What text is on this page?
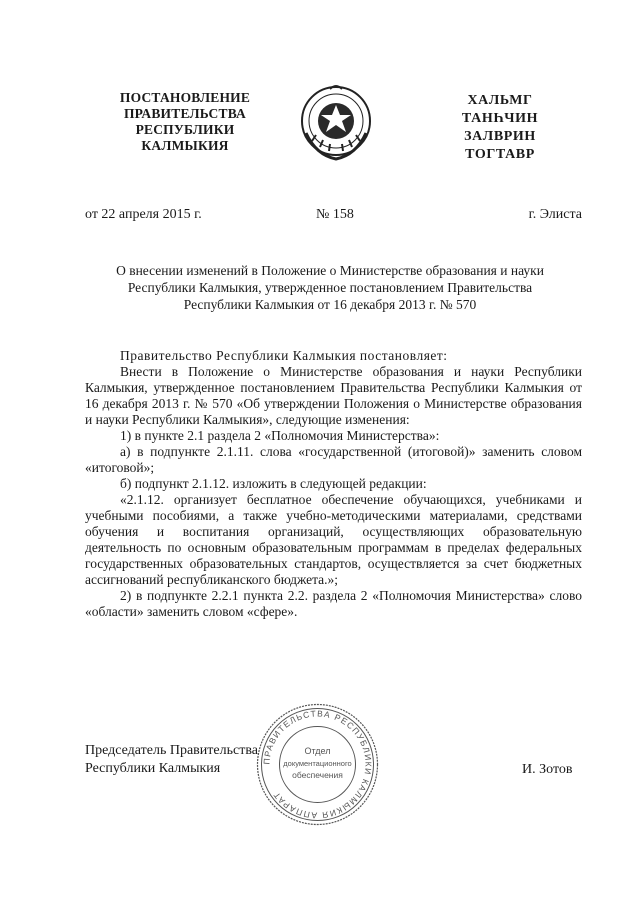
ПОСТАНОВЛЕНИЕ
ПРАВИТЕЛЬСТВА
РЕСПУБЛИКИ
КАЛМЫКИЯ
ХАЛЬМГ
ТАНҺЧИН
ЗАЛВРИН
ТОГТАВР
от 22 апреля 2015 г.	№ 158	г. Элиста
О внесении изменений в Положение о Министерстве образования и науки
Республики Калмыкия, утвержденное постановлением Правительства
Республики Калмыкия от 16 декабря 2013 г. № 570

Правительство Республики Калмыкия постановляет:

Внести в Положение о Министерстве образования и науки Республики Калмыкия, утвержденное постановлением Правительства Республики Калмыкия от 16 декабря 2013 г. № 570 «Об утверждении Положения о Министерстве образования и науки Республики Калмыкия», следующие изменения:

1) в пункте 2.1 раздела 2 «Полномочия Министерства»:

а) в подпункте 2.1.11. слова «государственной (итоговой)» заменить словом «итоговой»;

б) подпункт 2.1.12. изложить в следующей редакции:

«2.1.12. организует бесплатное обеспечение обучающихся, учебниками и учебными пособиями, а также учебно-методическими материалами, средствами обучения и воспитания организаций, осуществляющих образовательную деятельность по основным образовательным программам в пределах федеральных государственных образовательных стандартов, осуществляется за счет бюджетных ассигнований республиканского бюджета.»;

2) в подпункте 2.2.1 пункта 2.2. раздела 2 «Полномочия Министерства» слово «области» заменить словом «сфере».

Председатель Правительства
Республики Калмыкия
ПРАВИТЕЛЬСТВА РЕСПУБЛИКИ КАЛМЫКИЯ АППАРАТ
Отдел
документационного
обеспечения	И. Зотов
